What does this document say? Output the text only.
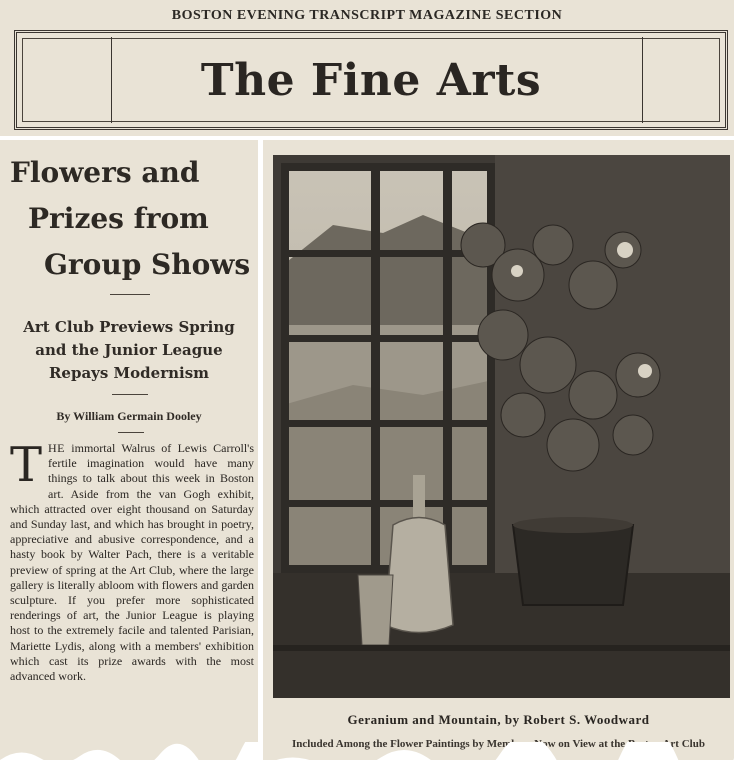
BOSTON EVENING TRANSCRIPT MAGAZINE SECTION
The Fine Arts
Flowers and
Prizes from
Group Shows
Art Club Previews Spring
and the Junior League
Repays Modernism
By William Germain Dooley
THE immortal Walrus of Lewis Carroll's fertile imagination would have many things to talk about this week in Boston art. Aside from the van Gogh exhibit, which attracted over eight thousand on Saturday and Sunday last, and which has brought in poetry, appreciative and abusive correspondence, and a hasty book by Walter Pach, there is a veritable preview of spring at the Art Club, where the large gallery is literally abloom with flowers and garden sculpture. If you prefer more sophisticated renderings of art, the Junior League is playing host to the extremely facile and talented Parisian, Mariette Lydis, along with a members' exhibition which cast its prize awards with the most advanced work.
Geranium and Mountain, by Robert S. Woodward
Included Among the Flower Paintings by Members Now on View at the Boston Art Club
